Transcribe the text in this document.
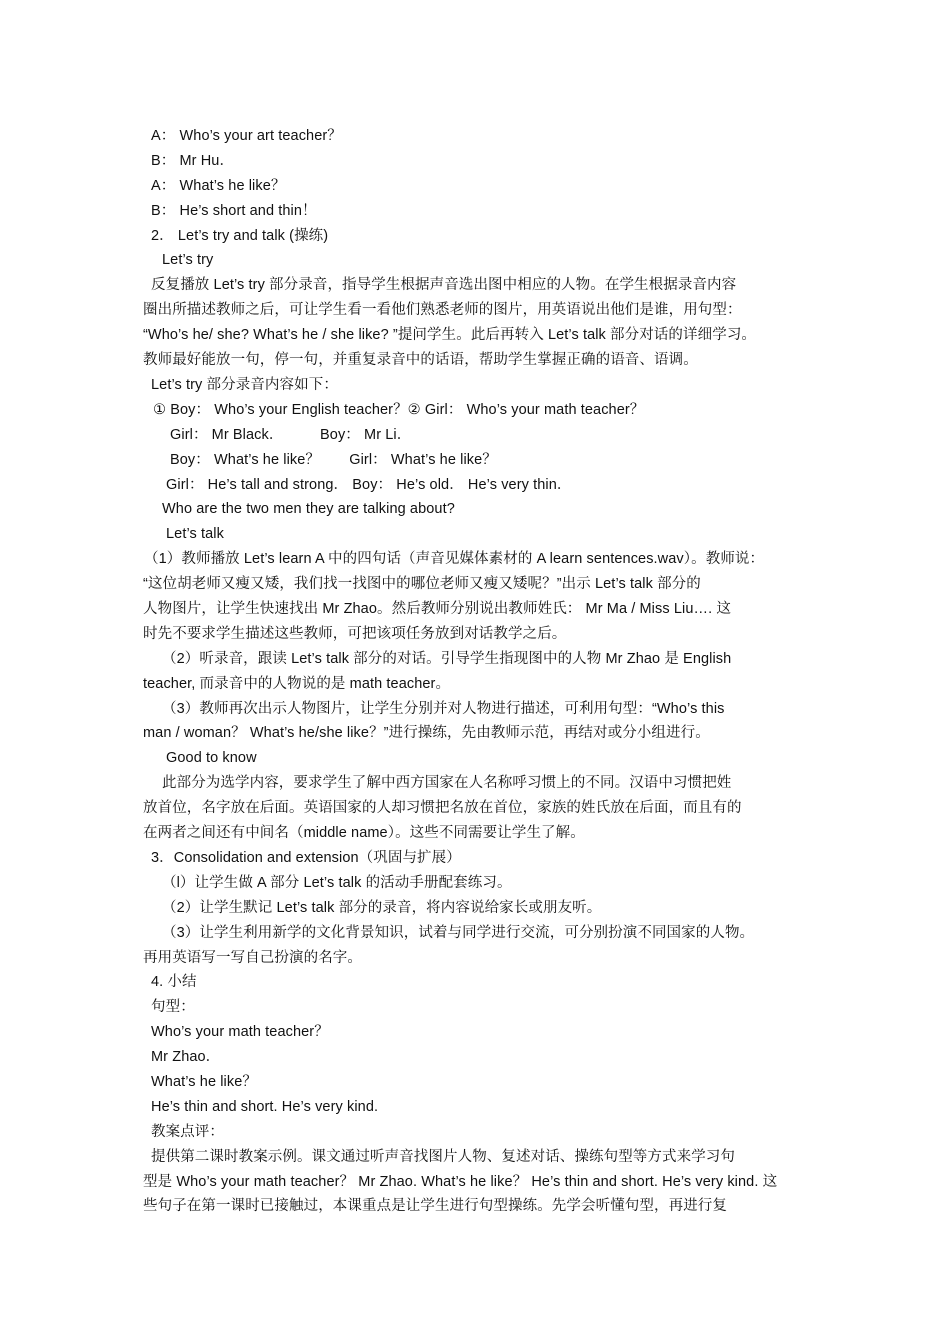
A： Who’s your art teacher？
B： Mr Hu．
A： What’s he like？
B： He’s short and thin！
2． Let’s try and talk (操练)
Let’s try
反复播放 Let’s try 部分录音，指导学生根据声音选出图中相应的人物。在学生根据录音内容
圈出所描述教师之后，可让学生看一看他们熟悉老师的图片，用英语说出他们是谁，用句型：
“Who’s he/ she? What’s he / she like? ”提问学生。此后再转入 Let’s talk 部分对话的详细学习。
教师最好能放一句，停一句，并重复录音中的话语，帮助学生掌握正确的语音、语调。
Let’s try 部分录音内容如下：
① Boy： Who’s your English teacher？② Girl： Who’s your math teacher？
Girl： Mr Black．　　　Boy： Mr Li．
Boy： What’s he like？　　Girl： What’s he like？
Girl： He’s tall and strong． Boy： He’s old． He’s very thin．
Who are the two men they are talking about?
Let’s talk
（1）教师播放 Let’s learn A 中的四句话（声音见媒体素材的 A learn sentences.wav）。教师说：
“这位胡老师又瘦又矮，我们找一找图中的哪位老师又瘦又矮呢？”出示 Let’s talk 部分的
人物图片，让学生快速找出 Mr Zhao。然后教师分别说出教师姓氏： Mr Ma / Miss Liu…. 这
时先不要求学生描述这些教师，可把该项任务放到对话教学之后。
（2）听录音，跟读 Let’s talk 部分的对话。引导学生指现图中的人物 Mr Zhao 是 English
teacher, 而录音中的人物说的是 math teacher。
（3）教师再次出示人物图片，让学生分别并对人物进行描述，可利用句型：“Who’s this
man / woman？ What’s he/she like？”进行操练，先由教师示范，再结对或分小组进行。
Good to know
此部分为选学内容，要求学生了解中西方国家在人名称呼习惯上的不同。汉语中习惯把姓
放首位，名字放在后面。英语国家的人却习惯把名放在首位，家族的姓氏放在后面，而且有的
在两者之间还有中间名（middle name）。这些不同需要让学生了解。
3．Consolidation and extension（巩固与扩展）
（l）让学生做 A 部分 Let’s talk 的活动手册配套练习。
（2）让学生默记 Let’s talk 部分的录音，将内容说给家长或朋友听。
（3）让学生利用新学的文化背景知识，试着与同学进行交流，可分别扮演不同国家的人物。
再用英语写一写自己扮演的名字。
4. 小结
句型：
Who’s your math teacher？
Mr Zhao．
What’s he like？
He’s thin and short. He’s very kind.
教案点评：
提供第二课时教案示例。课文通过听声音找图片人物、复述对话、操练句型等方式来学习句
型是 Who’s your math teacher？ Mr Zhao. What’s he like？ He’s thin and short. He’s very kind. 这
些句子在第一课时已接触过，本课重点是让学生进行句型操练。先学会听懂句型，再进行复
